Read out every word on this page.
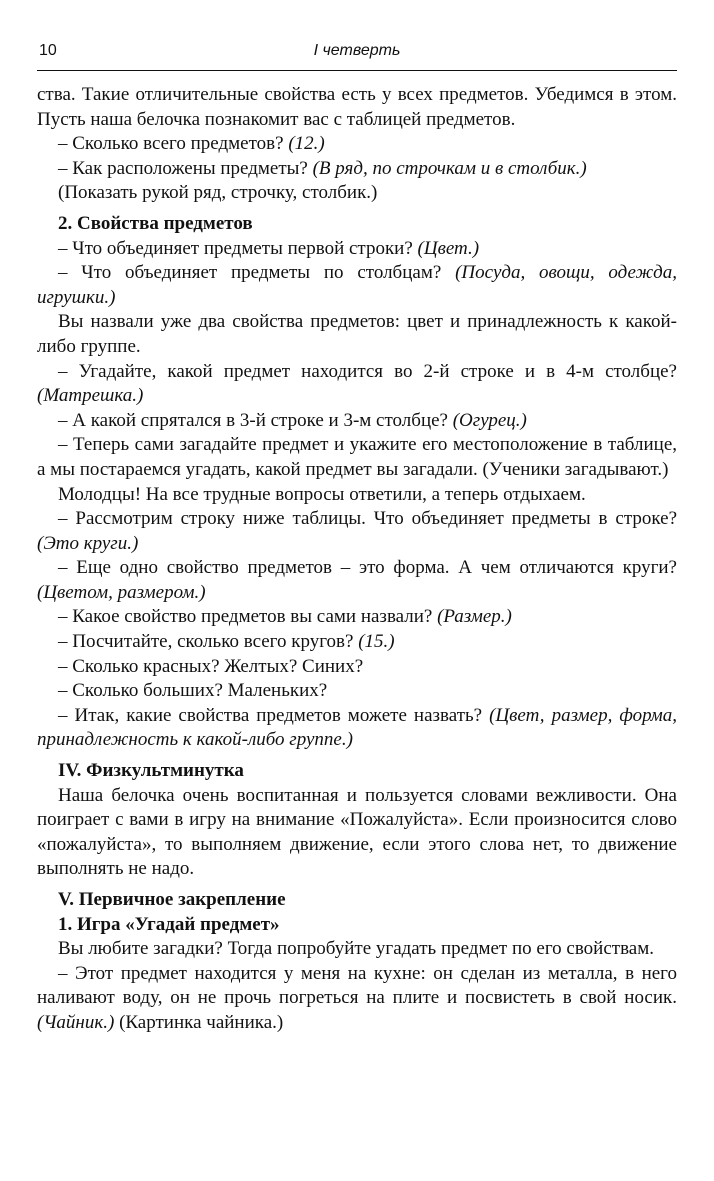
10	I четверть

ства. Такие отличительные свойства есть у всех предметов. Убедимся в этом. Пусть наша белочка познакомит вас с таблицей предметов.

– Сколько всего предметов? (12.)

– Как расположены предметы? (В ряд, по строчкам и в столбик.)

(Показать рукой ряд, строчку, столбик.)

2. Свойства предметов

– Что объединяет предметы первой строки? (Цвет.)

– Что объединяет предметы по столбцам? (Посуда, овощи, одежда, игрушки.)

Вы назвали уже два свойства предметов: цвет и принадлежность к какой-либо группе.

– Угадайте, какой предмет находится во 2-й строке и в 4-м столбце? (Матрешка.)

– А какой спрятался в 3-й строке и 3-м столбце? (Огурец.)

– Теперь сами загадайте предмет и укажите его местоположение в таблице, а мы постараемся угадать, какой предмет вы загадали. (Ученики загадывают.)

Молодцы! На все трудные вопросы ответили, а теперь отдыхаем.

– Рассмотрим строку ниже таблицы. Что объединяет предметы в строке? (Это круги.)

– Еще одно свойство предметов – это форма. А чем отличаются круги? (Цветом, размером.)

– Какое свойство предметов вы сами назвали? (Размер.)

– Посчитайте, сколько всего кругов? (15.)

– Сколько красных? Желтых? Синих?

– Сколько больших? Маленьких?

– Итак, какие свойства предметов можете назвать? (Цвет, размер, форма, принадлежность к какой-либо группе.)

IV. Физкультминутка

Наша белочка очень воспитанная и пользуется словами вежливости. Она поиграет с вами в игру на внимание «Пожалуйста». Если произносится слово «пожалуйста», то выполняем движение, если этого слова нет, то движение выполнять не надо.

V. Первичное закрепление

1. Игра «Угадай предмет»

Вы любите загадки? Тогда попробуйте угадать предмет по его свойствам.

– Этот предмет находится у меня на кухне: он сделан из металла, в него наливают воду, он не прочь погреться на плите и посвистеть в свой носик. (Чайник.) (Картинка чайника.)
